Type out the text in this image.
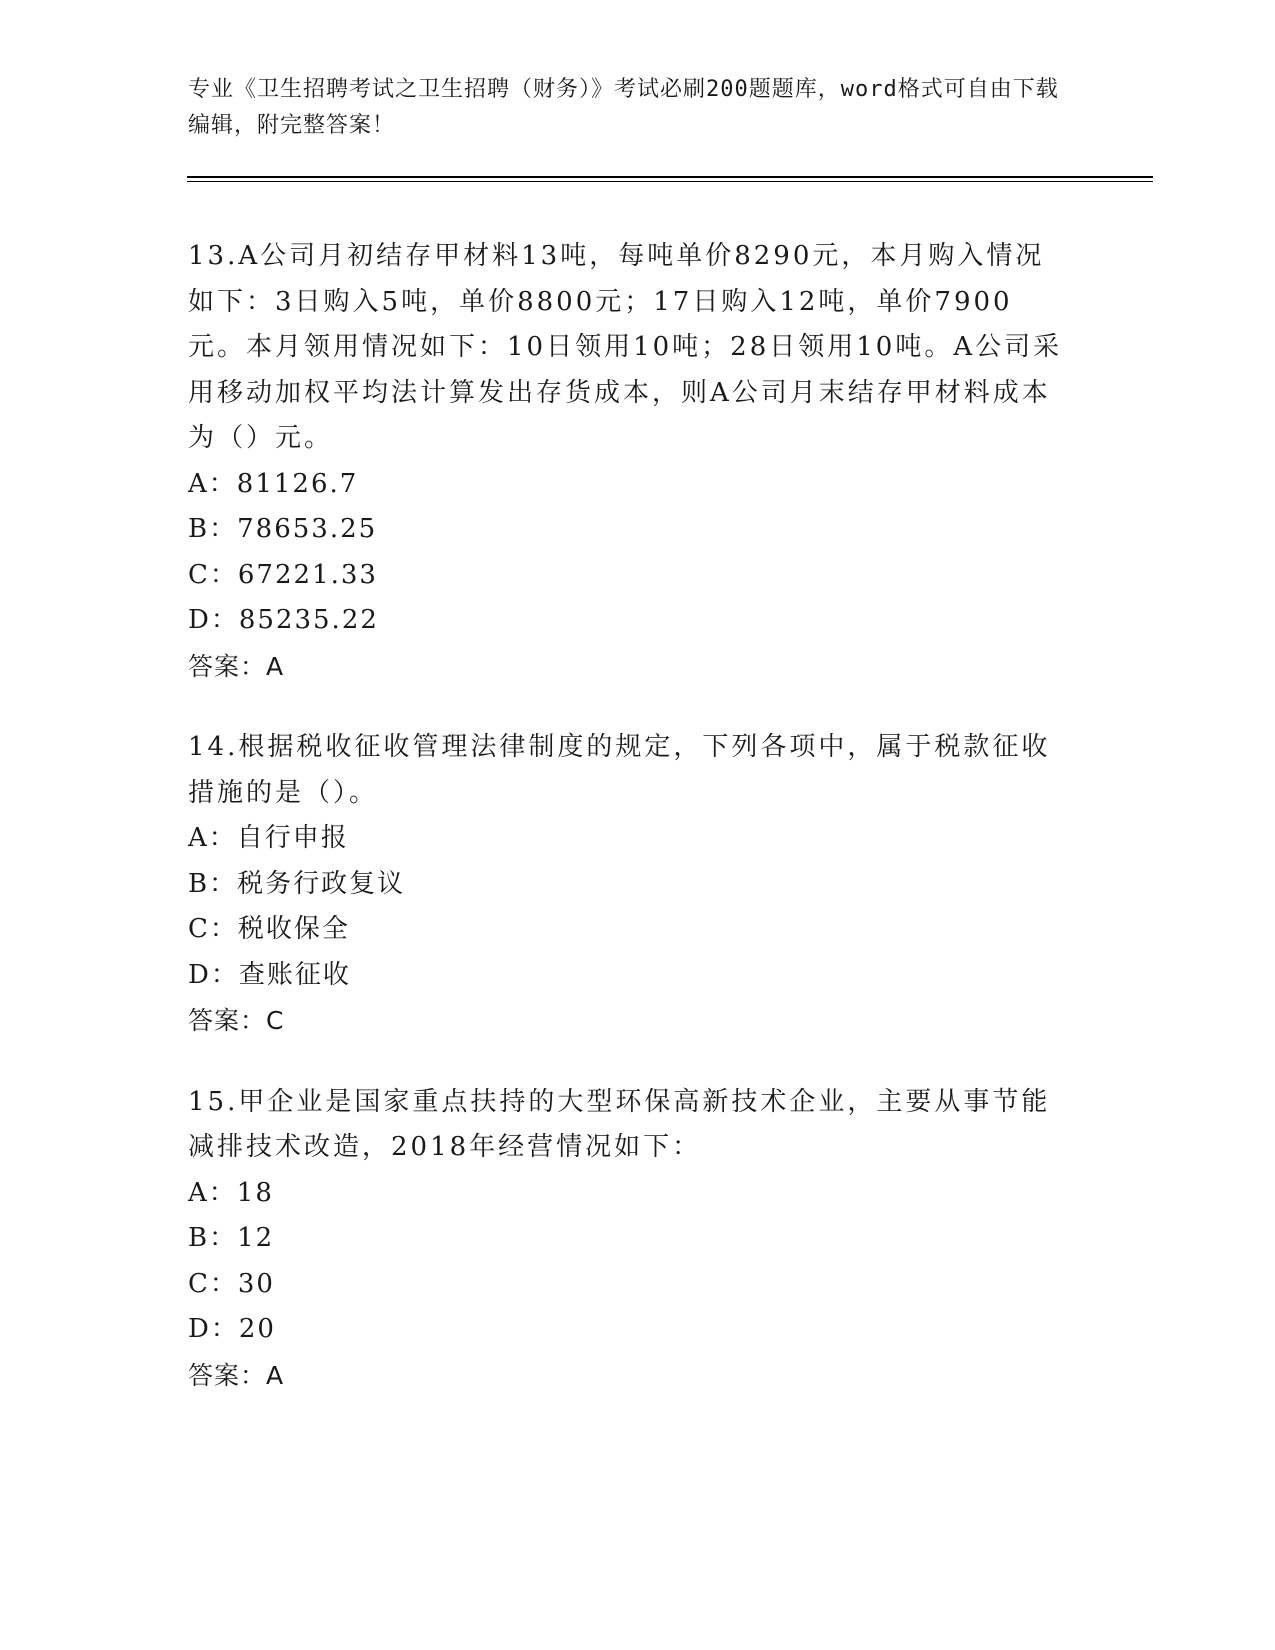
专业《卫生招聘考试之卫生招聘（财务）》考试必刷200题题库，word格式可自由下载编辑，附完整答案！
13.A公司月初结存甲材料13吨，每吨单价8290元，本月购入情况如下：3日购入5吨，单价8800元；17日购入12吨，单价7900元。本月领用情况如下：10日领用10吨；28日领用10吨。A公司采用移动加权平均法计算发出存货成本，则A公司月末结存甲材料成本为（）元。
A：81126.7
B：78653.25
C：67221.33
D：85235.22
答案：A
14.根据税收征收管理法律制度的规定，下列各项中，属于税款征收措施的是（）。
A：自行申报
B：税务行政复议
C：税收保全
D：查账征收
答案：C
15.甲企业是国家重点扶持的大型环保高新技术企业，主要从事节能减排技术改造，2018年经营情况如下：
A：18
B：12
C：30
D：20
答案：A
